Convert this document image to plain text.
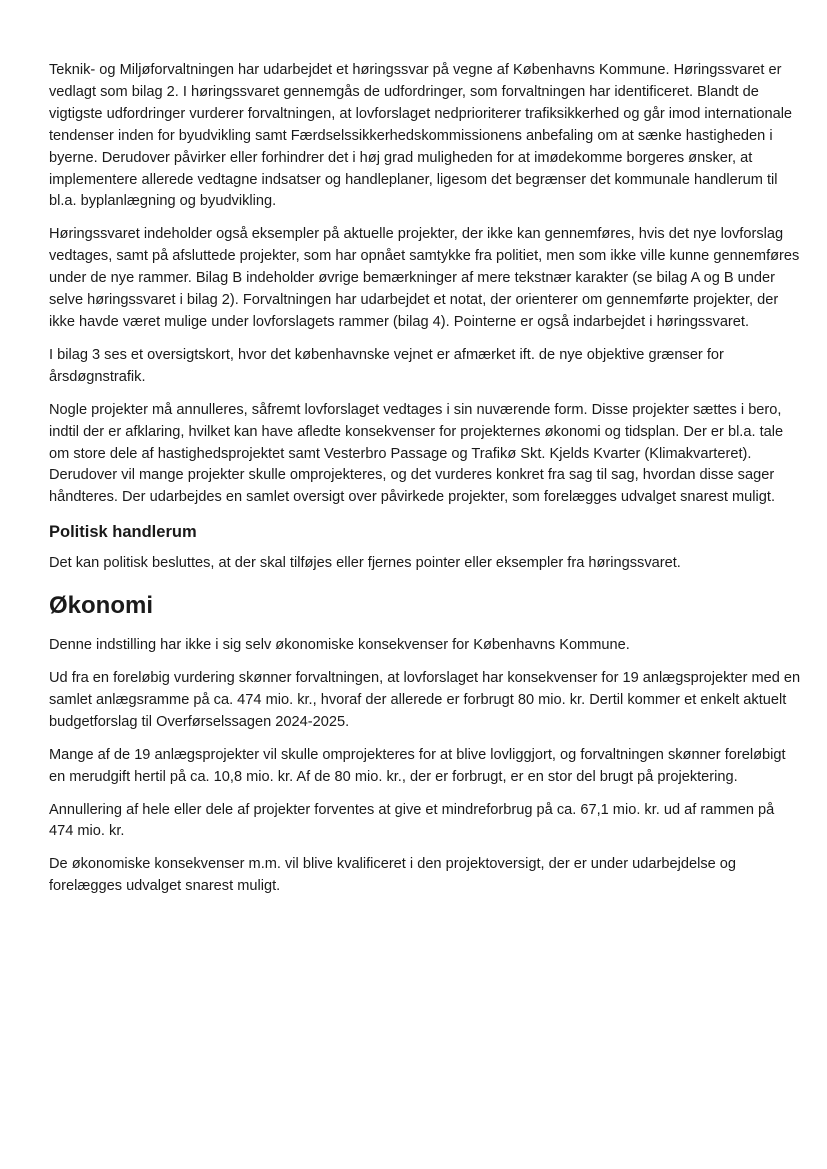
Teknik- og Miljøforvaltningen har udarbejdet et høringssvar på vegne af Københavns Kommune. Høringssvaret er vedlagt som bilag 2. I høringssvaret gennemgås de udfordringer, som forvaltningen har identificeret. Blandt de vigtigste udfordringer vurderer forvaltningen, at lovforslaget nedprioriterer trafiksikkerhed og går imod internationale tendenser inden for byudvikling samt Færdselssikkerhedskommissionens anbefaling om at sænke hastigheden i byerne. Derudover påvirker eller forhindrer det i høj grad muligheden for at imødekomme borgeres ønsker, at implementere allerede vedtagne indsatser og handleplaner, ligesom det begrænser det kommunale handlerum til bl.a. byplanlægning og byudvikling.

Høringssvaret indeholder også eksempler på aktuelle projekter, der ikke kan gennemføres, hvis det nye lovforslag vedtages, samt på afsluttede projekter, som har opnået samtykke fra politiet, men som ikke ville kunne gennemføres under de nye rammer. Bilag B indeholder øvrige bemærkninger af mere tekstnær karakter (se bilag A og B under selve høringssvaret i bilag 2). Forvaltningen har udarbejdet et notat, der orienterer om gennemførte projekter, der ikke havde været mulige under lovforslagets rammer (bilag 4). Pointerne er også indarbejdet i høringssvaret.

I bilag 3 ses et oversigtskort, hvor det københavnske vejnet er afmærket ift. de nye objektive grænser for årsdøgnstrafik.

Nogle projekter må annulleres, såfremt lovforslaget vedtages i sin nuværende form. Disse projekter sættes i bero, indtil der er afklaring, hvilket kan have afledte konsekvenser for projekternes økonomi og tidsplan. Der er bl.a. tale om store dele af hastighedsprojektet samt Vesterbro Passage og Trafikø Skt. Kjelds Kvarter (Klimakvarteret). Derudover vil mange projekter skulle omprojekteres, og det vurderes konkret fra sag til sag, hvordan disse sager håndteres. Der udarbejdes en samlet oversigt over påvirkede projekter, som forelægges udvalget snarest muligt.

Politisk handlerum

Det kan politisk besluttes, at der skal tilføjes eller fjernes pointer eller eksempler fra høringssvaret.

Økonomi

Denne indstilling har ikke i sig selv økonomiske konsekvenser for Københavns Kommune.

Ud fra en foreløbig vurdering skønner forvaltningen, at lovforslaget har konsekvenser for 19 anlægsprojekter med en samlet anlægsramme på ca. 474 mio. kr., hvoraf der allerede er forbrugt 80 mio. kr. Dertil kommer et enkelt aktuelt budgetforslag til Overførselssagen 2024-2025.

Mange af de 19 anlægsprojekter vil skulle omprojekteres for at blive lovliggjort, og forvaltningen skønner foreløbigt en merudgift hertil på ca. 10,8 mio. kr. Af de 80 mio. kr., der er forbrugt, er en stor del brugt på projektering.

Annullering af hele eller dele af projekter forventes at give et mindreforbrug på ca. 67,1 mio. kr. ud af rammen på 474 mio. kr.

De økonomiske konsekvenser m.m. vil blive kvalificeret i den projektoversigt, der er under udarbejdelse og forelægges udvalget snarest muligt.
